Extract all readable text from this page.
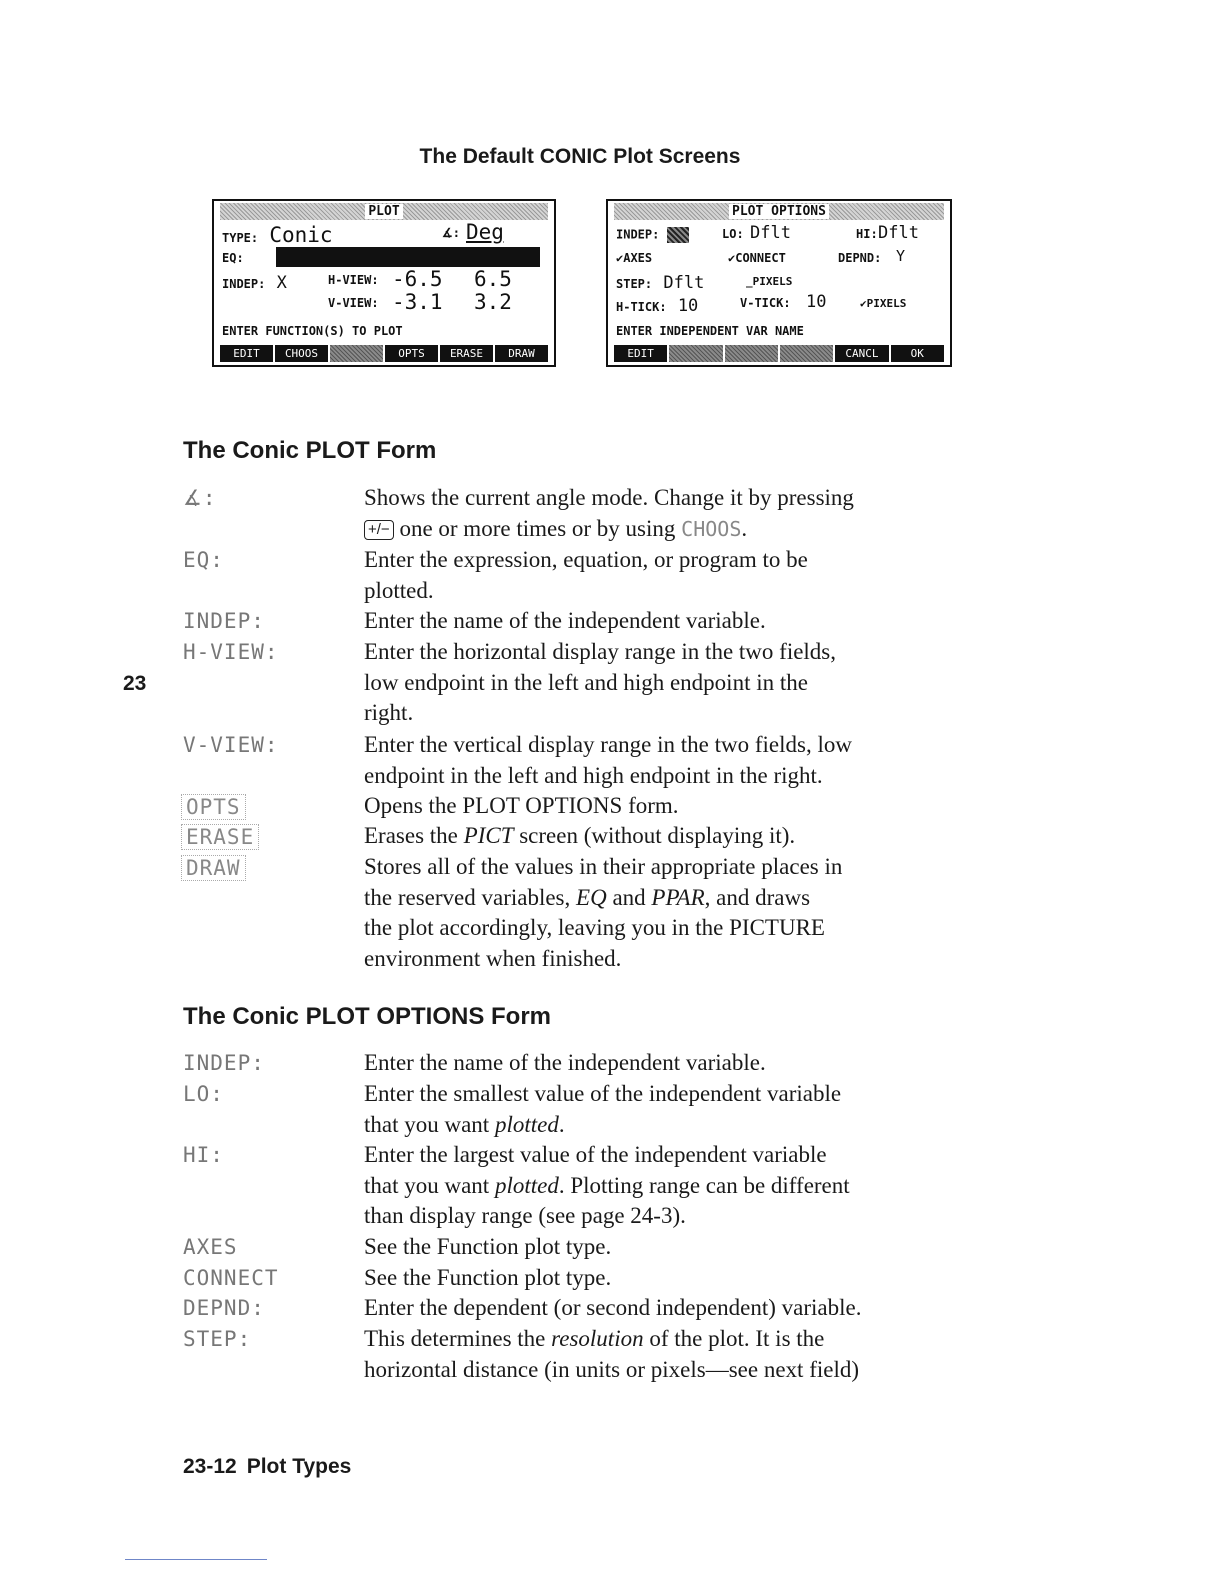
The Default CONIC Plot Screens
PLOT
TYPE: Conic	∡: Deg
EQ:
INDEP: X	H-VIEW: -6.5 6.5
V-VIEW: -3.1 3.2
ENTER FUNCTION(S) TO PLOT
EDIT	CHOOS	OPTS	ERASE	DRAW
PLOT OPTIONS
INDEP:	LO: Dflt	HI: Dflt
✔AXES	✔CONNECT	DEPND: Y
STEP: Dflt	_PIXELS
H-TICK: 10	V-TICK: 10	✔PIXELS
ENTER INDEPENDENT VAR NAME
EDIT	CANCL	OK
The Conic PLOT Form
∡:	Shows the current angle mode. Change it by pressing
+/− one or more times or by using CHOOS.
EQ:	Enter the expression, equation, or program to be
plotted.
INDEP:	Enter the name of the independent variable.
H-VIEW:	Enter the horizontal display range in the two fields,
low endpoint in the left and high endpoint in the
right.
V-VIEW:	Enter the vertical display range in the two fields, low
endpoint in the left and high endpoint in the right.
OPTS	Opens the PLOT OPTIONS form.
ERASE	Erases the PICT screen (without displaying it).
DRAW	Stores all of the values in their appropriate places in
the reserved variables, EQ and PPAR, and draws
the plot accordingly, leaving you in the PICTURE
environment when finished.
23
The Conic PLOT OPTIONS Form
INDEP:	Enter the name of the independent variable.
LO:	Enter the smallest value of the independent variable
that you want plotted.
HI:	Enter the largest value of the independent variable
that you want plotted. Plotting range can be different
than display range (see page 24-3).
AXES	See the Function plot type.
CONNECT	See the Function plot type.
DEPND:	Enter the dependent (or second independent) variable.
STEP:	This determines the resolution of the plot. It is the
horizontal distance (in units or pixels—see next field)
23-12 Plot Types
